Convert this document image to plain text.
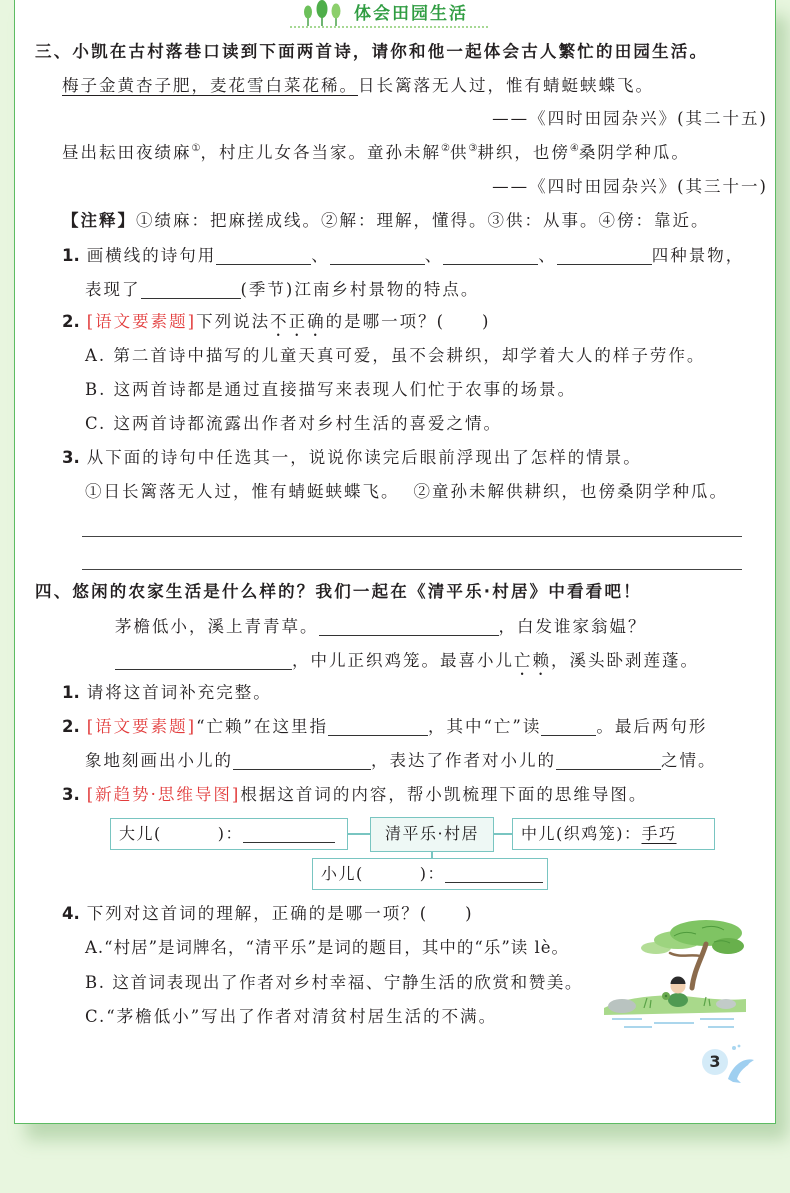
体会田园生活
三、小凯在古村落巷口读到下面两首诗，请你和他一起体会古人繁忙的田园生活。
梅子金黄杏子肥，麦花雪白菜花稀。日长篱落无人过，惟有蜻蜓蛱蝶飞。
——《四时田园杂兴》(其二十五)
昼出耘田夜绩麻①，村庄儿女各当家。童孙未解②供③耕织，也傍④桑阴学种瓜。
——《四时田园杂兴》(其三十一)
【注释】①绩麻：把麻搓成线。②解：理解，懂得。③供：从事。④傍：靠近。
1. 画横线的诗句用	、	、	、	四种景物，
表现了	(季节)江南乡村景物的特点。
2. [语文要素题]下列说法不正确的是哪一项？(　　)
A. 第二首诗中描写的儿童天真可爱，虽不会耕织，却学着大人的样子劳作。
B. 这两首诗都是通过直接描写来表现人们忙于农事的场景。
C. 这两首诗都流露出作者对乡村生活的喜爱之情。
3. 从下面的诗句中任选其一，说说你读完后眼前浮现出了怎样的情景。
①日长篱落无人过，惟有蜻蜓蛱蝶飞。 ②童孙未解供耕织，也傍桑阴学种瓜。
四、悠闲的农家生活是什么样的？我们一起在《清平乐·村居》中看看吧！
茅檐低小，溪上青青草。	，白发谁家翁媪？
，中儿正织鸡笼。最喜小儿亡赖，溪头卧剥莲蓬。
1. 请将这首词补充完整。
2. [语文要素题]“亡赖”在这里指	，其中“亡”读	。最后两句形
象地刻画出小儿的	，表达了作者对小儿的	之情。
3. [新趋势·思维导图]根据这首词的内容，帮小凯梳理下面的思维导图。
大儿(	)：	清平乐·村居	中儿(织鸡笼)：手巧
小儿(	)：
4. 下列对这首词的理解，正确的是哪一项？(　　)
A.“村居”是词牌名，“清平乐”是词的题目，其中的“乐”读 lè。
B. 这首词表现出了作者对乡村幸福、宁静生活的欣赏和赞美。
C.“茅檐低小”写出了作者对清贫村居生活的不满。
3
